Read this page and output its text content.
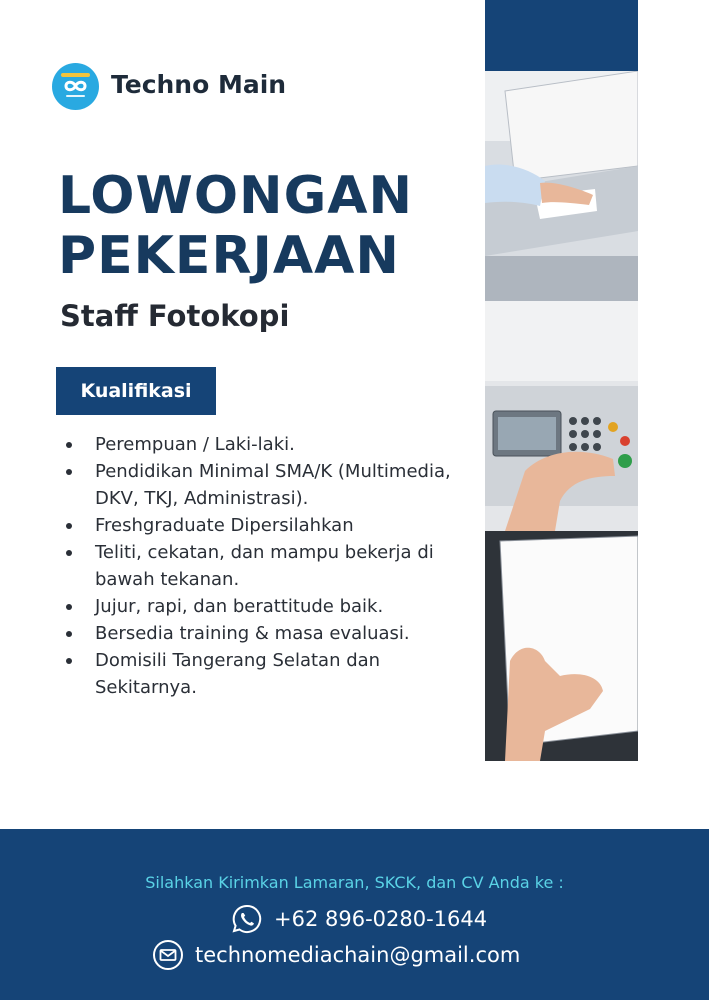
Techno Main
LOWONGAN
PEKERJAAN
Staff Fotokopi
Kualifikasi
Perempuan / Laki-laki.
Pendidikan Minimal SMA/K (Multimedia, DKV, TKJ, Administrasi).
Freshgraduate Dipersilahkan
Teliti, cekatan, dan mampu bekerja di bawah tekanan.
Jujur, rapi, dan berattitude baik.
Bersedia training & masa evaluasi.
Domisili Tangerang Selatan dan Sekitarnya.
Silahkan Kirimkan Lamaran, SKCK, dan CV Anda ke :
+62 896-0280-1644
technomediachain@gmail.com
